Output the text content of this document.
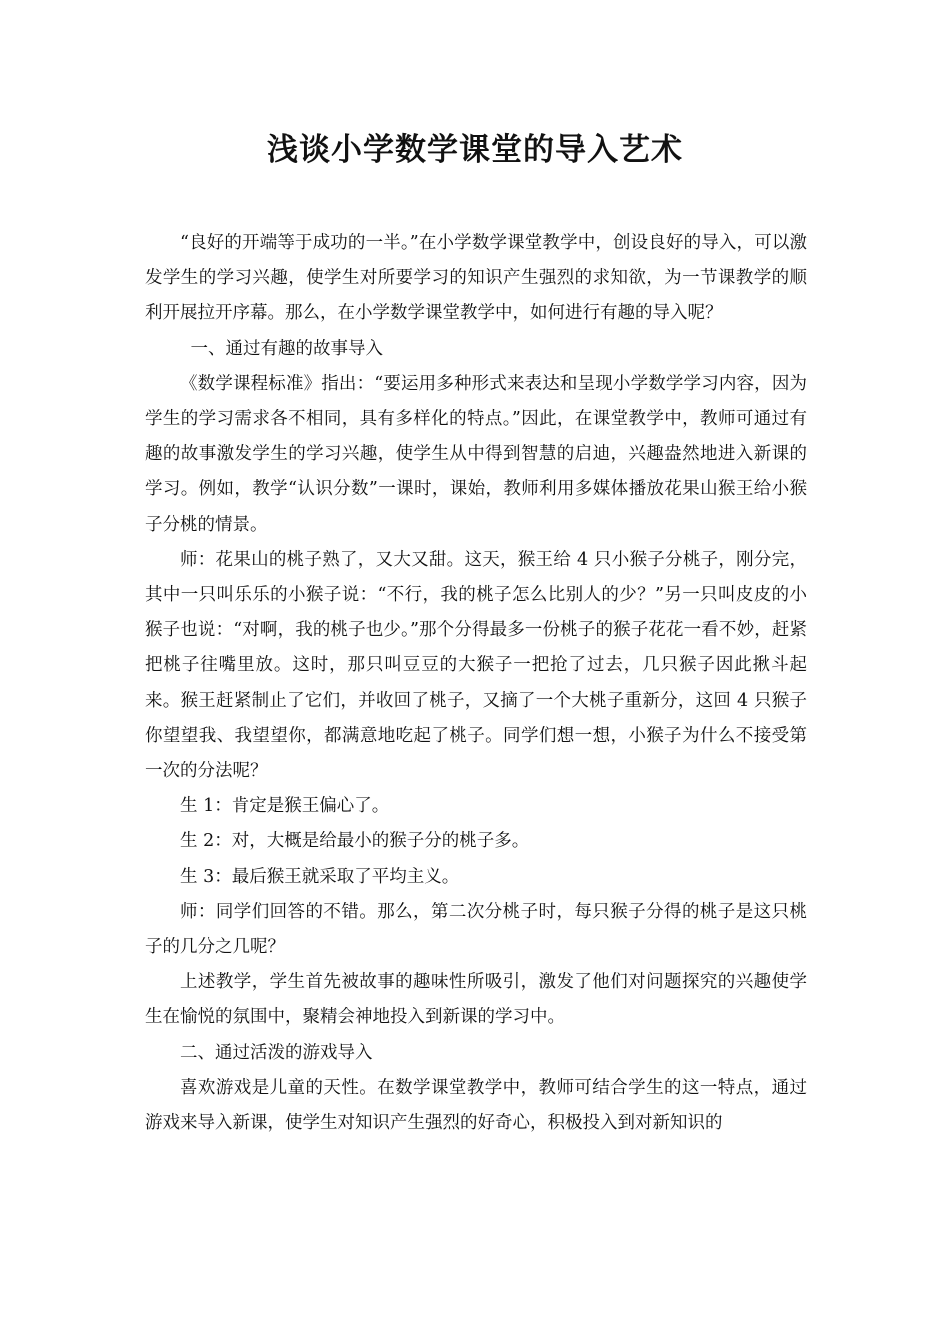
浅谈小学数学课堂的导入艺术

“良好的开端等于成功的一半。”在小学数学课堂教学中，创设良好的导入，可以激发学生的学习兴趣，使学生对所要学习的知识产生强烈的求知欲，为一节课教学的顺利开展拉开序幕。那么，在小学数学课堂教学中，如何进行有趣的导入呢？

一、通过有趣的故事导入

《数学课程标准》指出：“要运用多种形式来表达和呈现小学数学学习内容，因为学生的学习需求各不相同，具有多样化的特点。”因此，在课堂教学中，教师可通过有趣的故事激发学生的学习兴趣，使学生从中得到智慧的启迪，兴趣盎然地进入新课的学习。例如，教学“认识分数”一课时，课始，教师利用多媒体播放花果山猴王给小猴子分桃的情景。

师：花果山的桃子熟了，又大又甜。这天，猴王给 4 只小猴子分桃子，刚分完，其中一只叫乐乐的小猴子说：“不行，我的桃子怎么比别人的少？”另一只叫皮皮的小猴子也说：“对啊，我的桃子也少。”那个分得最多一份桃子的猴子花花一看不妙，赶紧把桃子往嘴里放。这时，那只叫豆豆的大猴子一把抢了过去，几只猴子因此揪斗起来。猴王赶紧制止了它们，并收回了桃子，又摘了一个大桃子重新分，这回 4 只猴子你望望我、我望望你，都满意地吃起了桃子。同学们想一想，小猴子为什么不接受第一次的分法呢？

生 1：肯定是猴王偏心了。

生 2：对，大概是给最小的猴子分的桃子多。

生 3：最后猴王就采取了平均主义。

师：同学们回答的不错。那么，第二次分桃子时，每只猴子分得的桃子是这只桃子的几分之几呢？

上述教学，学生首先被故事的趣味性所吸引，激发了他们对问题探究的兴趣使学生在愉悦的氛围中，聚精会神地投入到新课的学习中。

二、通过活泼的游戏导入

喜欢游戏是儿童的天性。在数学课堂教学中，教师可结合学生的这一特点，通过游戏来导入新课，使学生对知识产生强烈的好奇心，积极投入到对新知识的
